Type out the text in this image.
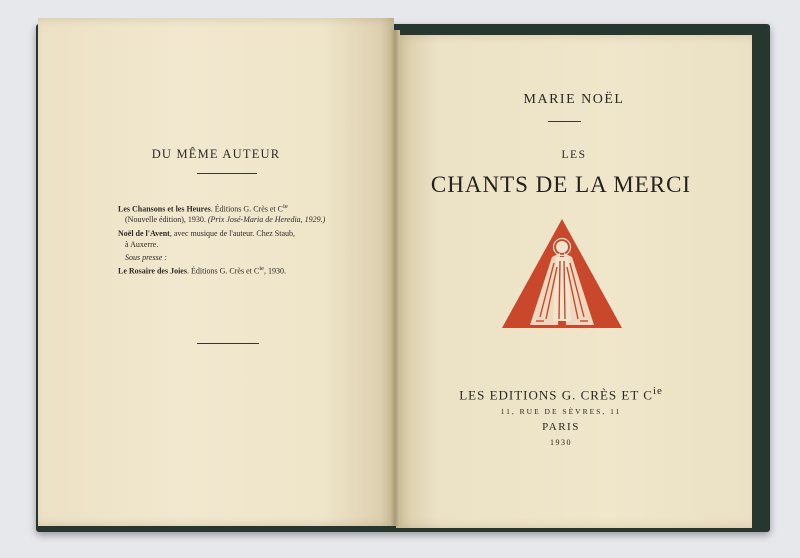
DU MÊME AUTEUR
Les Chansons et les Heures. Éditions G. Crès et $C^{ie}$
(Nouvelle édition), 1930. (Prix José-Maria de Heredia, 1929.)
Noël de l'Avent, avec musique de l'auteur. Chez Staub,
à Auxerre.
Sous presse :
Le Rosaire des Joies. Éditions G. Crès et $C^{ie}$, 1930.
MARIE NOËL
LES
CHANTS DE LA MERCI
LES EDITIONS G. CRÈS ET $C^{ie}$
11, RUE DE SÈVRES, 11
PARIS
1930
